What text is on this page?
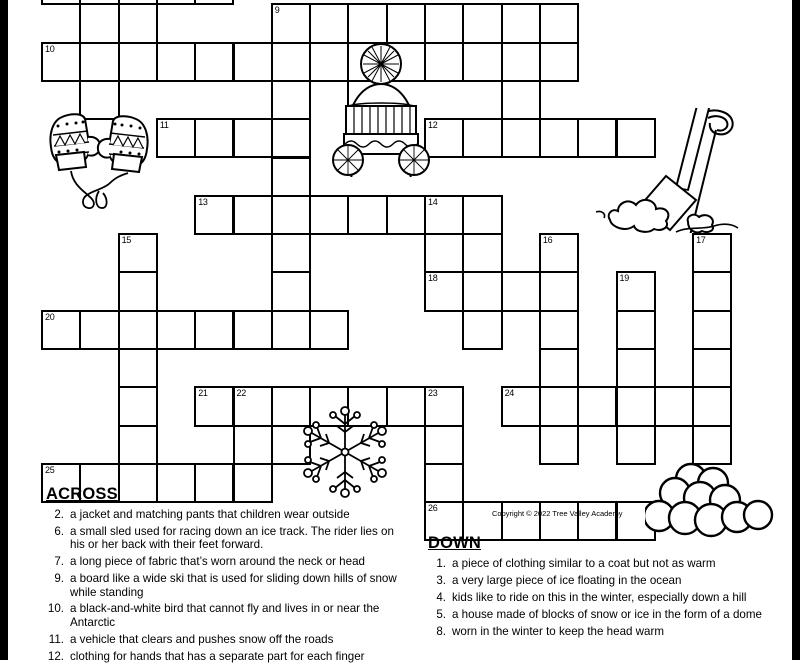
9
10
11	12
13	14
15	16	17
18	19
20
21	22	23	24
25
26
Copyright © 2022 Tree Valley Academy
ACROSS
2. a jacket and matching pants that children wear outside
6. a small sled used for racing down an ice track. The rider lies on his or her back with their feet forward.
7. a long piece of fabric that’s worn around the neck or head
9. a board like a wide ski that is used for sliding down hills of snow while standing
10. a black-and-white bird that cannot fly and lives in or near the Antarctic
11. a vehicle that clears and pushes snow off the roads
12. clothing for hands that has a separate part for each finger
DOWN
1. a piece of clothing similar to a coat but not as warm
3. a very large piece of ice floating in the ocean
4. kids like to ride on this in the winter, especially down a hill
5. a house made of blocks of snow or ice in the form of a dome
8. worn in the winter to keep the head warm
